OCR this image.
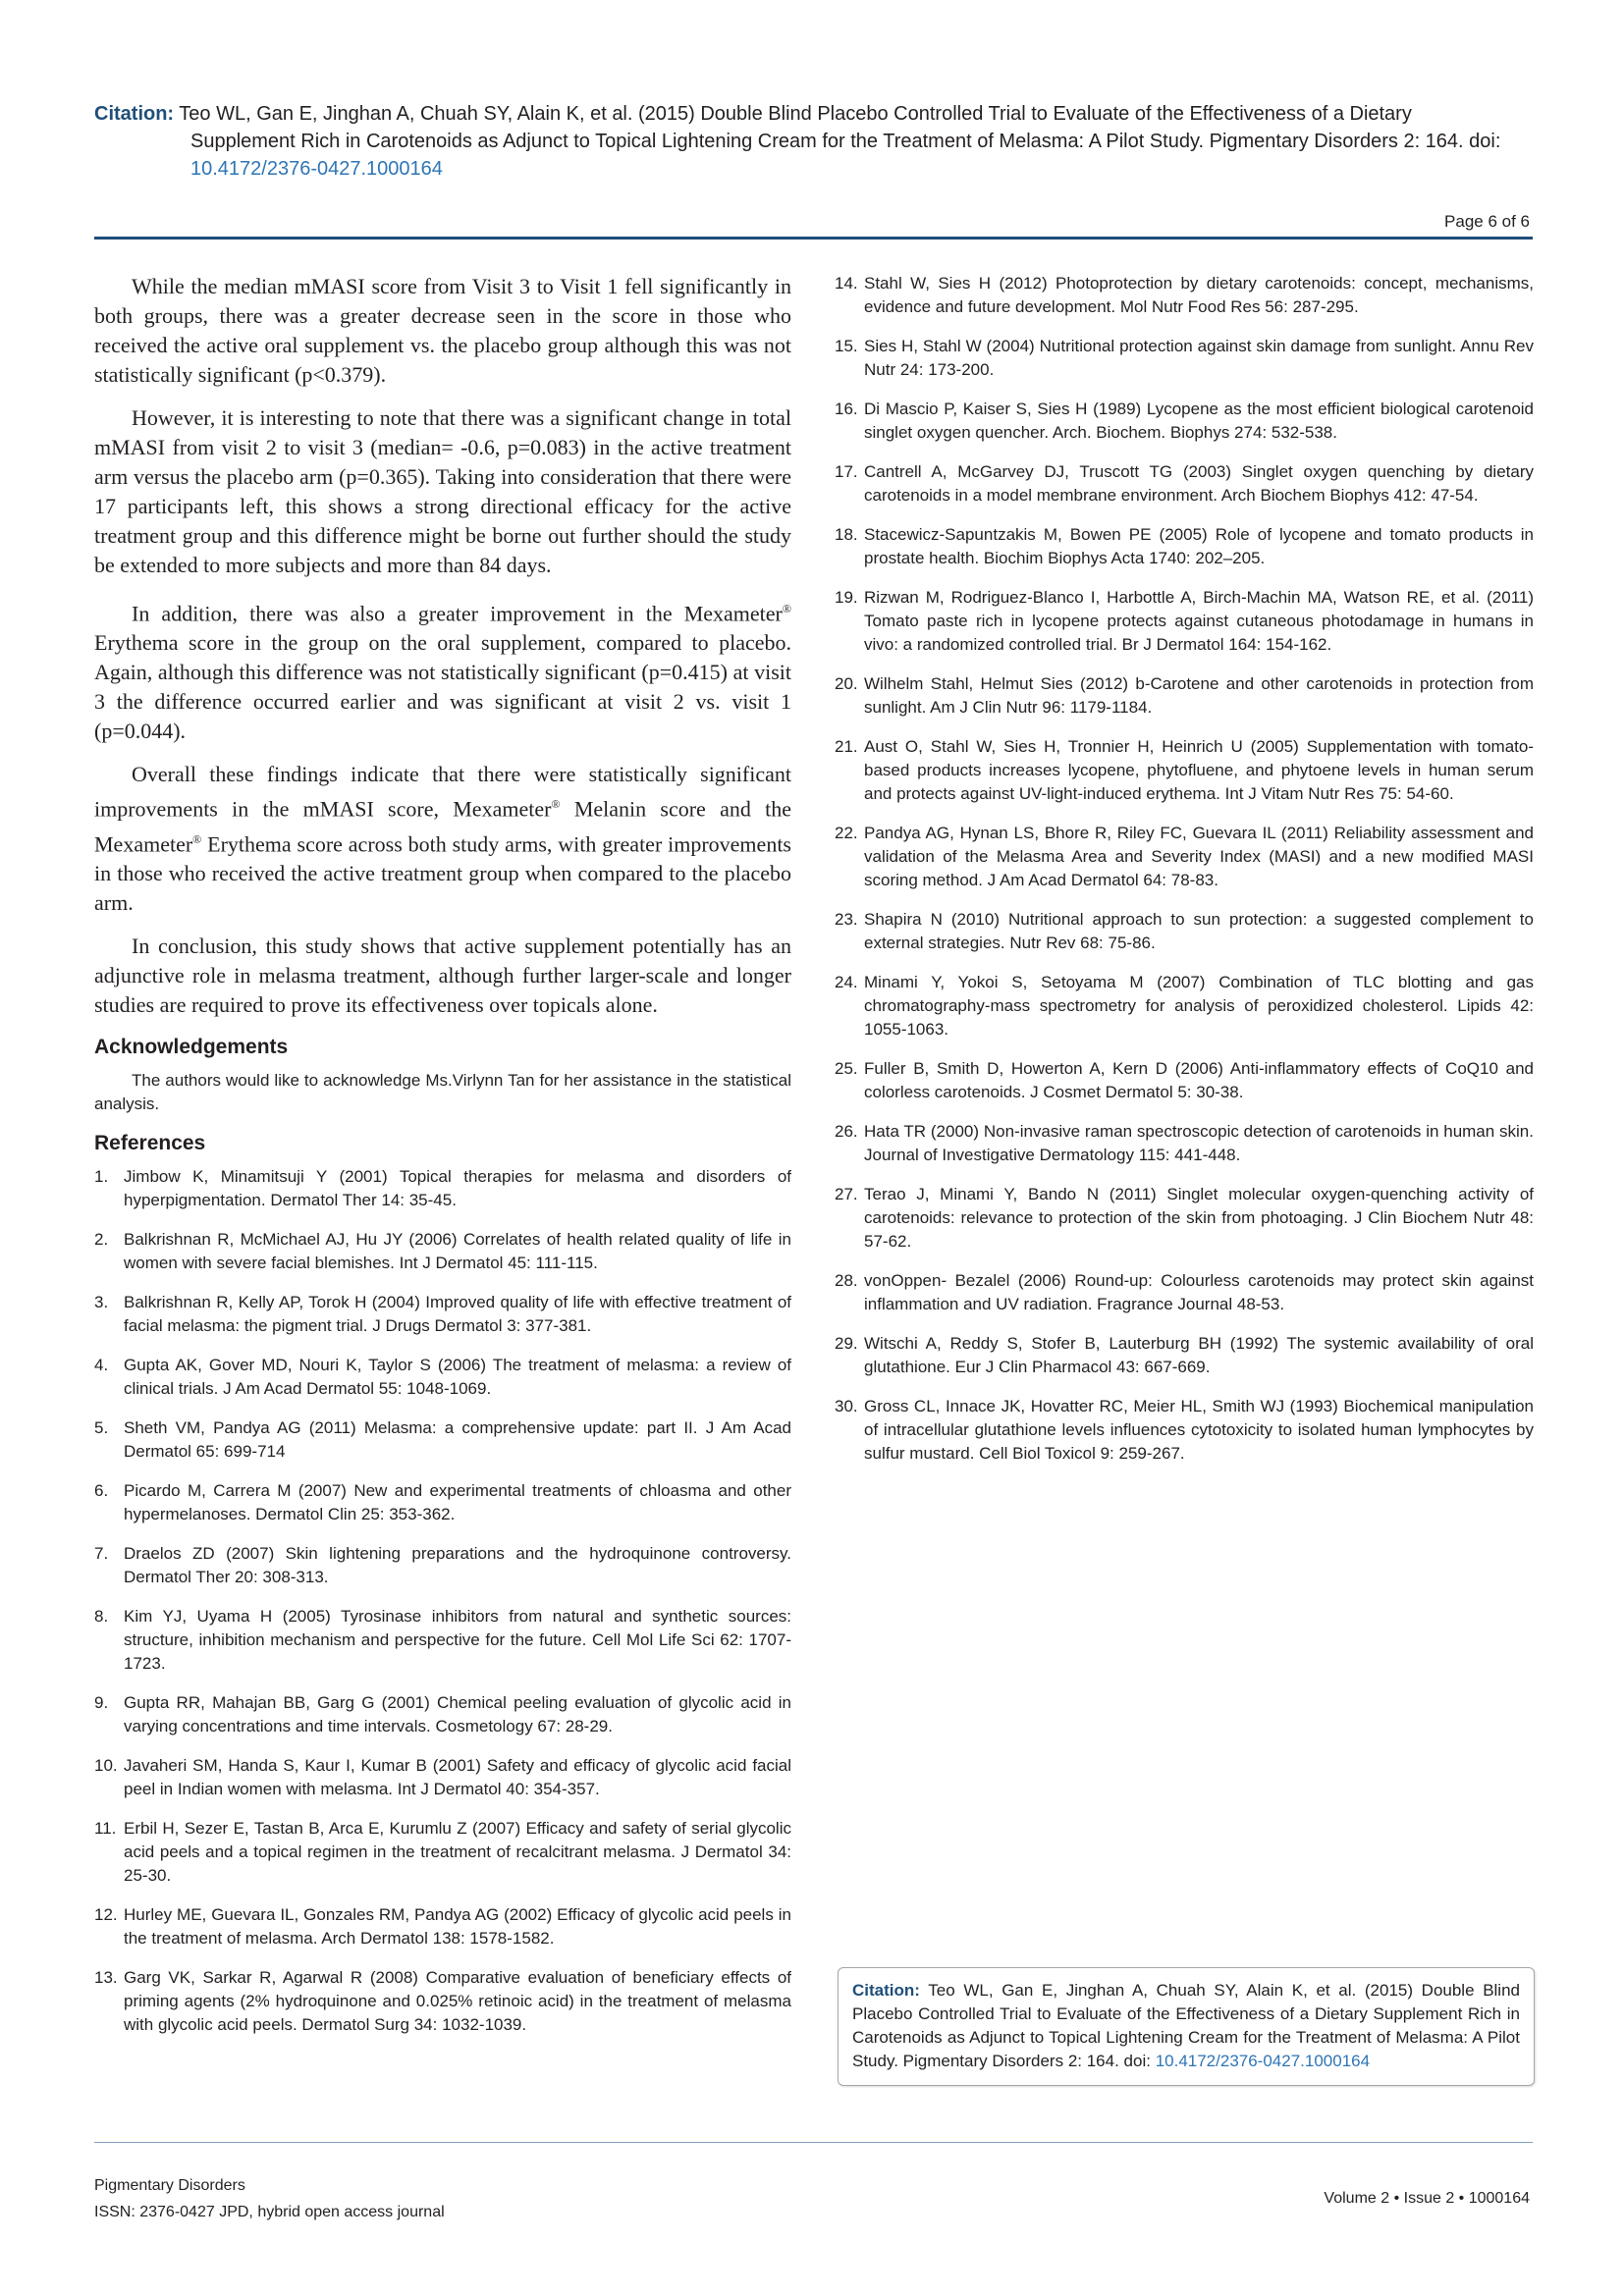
Citation: Teo WL, Gan E, Jinghan A, Chuah SY, Alain K, et al. (2015) Double Blind Placebo Controlled Trial to Evaluate of the Effectiveness of a Dietary
Supplement Rich in Carotenoids as Adjunct to Topical Lightening Cream for the Treatment of Melasma: A Pilot Study. Pigmentary Disorders 2: 164. doi:
10.4172/2376-0427.1000164
Page 6 of 6

While the median mMASI score from Visit 3 to Visit 1 fell significantly in both groups, there was a greater decrease seen in the score in those who received the active oral supplement vs. the placebo group although this was not statistically significant (p<0.379).

However, it is interesting to note that there was a significant change in total mMASI from visit 2 to visit 3 (median= -0.6, p=0.083) in the active treatment arm versus the placebo arm (p=0.365). Taking into consideration that there were 17 participants left, this shows a strong directional efficacy for the active treatment group and this difference might be borne out further should the study be extended to more subjects and more than 84 days.

In addition, there was also a greater improvement in the Mexameter® Erythema score in the group on the oral supplement, compared to placebo. Again, although this difference was not statistically significant (p=0.415) at visit 3 the difference occurred earlier and was significant at visit 2 vs. visit 1 (p=0.044).

Overall these findings indicate that there were statistically significant improvements in the mMASI score, Mexameter® Melanin score and the Mexameter® Erythema score across both study arms, with greater improvements in those who received the active treatment group when compared to the placebo arm.

In conclusion, this study shows that active supplement potentially has an adjunctive role in melasma treatment, although further larger-scale and longer studies are required to prove its effectiveness over topicals alone.

Acknowledgements

The authors would like to acknowledge Ms.Virlynn Tan for her assistance in the statistical analysis.

References
1. Jimbow K, Minamitsuji Y (2001) Topical therapies for melasma and disorders of hyperpigmentation. Dermatol Ther 14: 35-45.
2. Balkrishnan R, McMichael AJ, Hu JY (2006) Correlates of health related quality of life in women with severe facial blemishes. Int J Dermatol 45: 111-115.
3. Balkrishnan R, Kelly AP, Torok H (2004) Improved quality of life with effective treatment of facial melasma: the pigment trial. J Drugs Dermatol 3: 377-381.
4. Gupta AK, Gover MD, Nouri K, Taylor S (2006) The treatment of melasma: a review of clinical trials. J Am Acad Dermatol 55: 1048-1069.
5. Sheth VM, Pandya AG (2011) Melasma: a comprehensive update: part II. J Am Acad Dermatol 65: 699-714
6. Picardo M, Carrera M (2007) New and experimental treatments of chloasma and other hypermelanoses. Dermatol Clin 25: 353-362.
7. Draelos ZD (2007) Skin lightening preparations and the hydroquinone controversy. Dermatol Ther 20: 308-313.
8. Kim YJ, Uyama H (2005) Tyrosinase inhibitors from natural and synthetic sources: structure, inhibition mechanism and perspective for the future. Cell Mol Life Sci 62: 1707-1723.
9. Gupta RR, Mahajan BB, Garg G (2001) Chemical peeling evaluation of glycolic acid in varying concentrations and time intervals. Cosmetology 67: 28-29.
10. Javaheri SM, Handa S, Kaur I, Kumar B (2001) Safety and efficacy of glycolic acid facial peel in Indian women with melasma. Int J Dermatol 40: 354-357.
11. Erbil H, Sezer E, Tastan B, Arca E, Kurumlu Z (2007) Efficacy and safety of serial glycolic acid peels and a topical regimen in the treatment of recalcitrant melasma. J Dermatol 34: 25-30.
12. Hurley ME, Guevara IL, Gonzales RM, Pandya AG (2002) Efficacy of glycolic acid peels in the treatment of melasma. Arch Dermatol 138: 1578-1582.
13. Garg VK, Sarkar R, Agarwal R (2008) Comparative evaluation of beneficiary effects of priming agents (2% hydroquinone and 0.025% retinoic acid) in the treatment of melasma with glycolic acid peels. Dermatol Surg 34: 1032-1039.
14. Stahl W, Sies H (2012) Photoprotection by dietary carotenoids: concept, mechanisms, evidence and future development. Mol Nutr Food Res 56: 287-295.
15. Sies H, Stahl W (2004) Nutritional protection against skin damage from sunlight. Annu Rev Nutr 24: 173-200.
16. Di Mascio P, Kaiser S, Sies H (1989) Lycopene as the most efficient biological carotenoid singlet oxygen quencher. Arch. Biochem. Biophys 274: 532-538.
17. Cantrell A, McGarvey DJ, Truscott TG (2003) Singlet oxygen quenching by dietary carotenoids in a model membrane environment. Arch Biochem Biophys 412: 47-54.
18. Stacewicz-Sapuntzakis M, Bowen PE (2005) Role of lycopene and tomato products in prostate health. Biochim Biophys Acta 1740: 202–205.
19. Rizwan M, Rodriguez-Blanco I, Harbottle A, Birch-Machin MA, Watson RE, et al. (2011) Tomato paste rich in lycopene protects against cutaneous photodamage in humans in vivo: a randomized controlled trial. Br J Dermatol 164: 154-162.
20. Wilhelm Stahl, Helmut Sies (2012) b-Carotene and other carotenoids in protection from sunlight. Am J Clin Nutr 96: 1179-1184.
21. Aust O, Stahl W, Sies H, Tronnier H, Heinrich U (2005) Supplementation with tomato-based products increases lycopene, phytofluene, and phytoene levels in human serum and protects against UV-light-induced erythema. Int J Vitam Nutr Res 75: 54-60.
22. Pandya AG, Hynan LS, Bhore R, Riley FC, Guevara IL (2011) Reliability assessment and validation of the Melasma Area and Severity Index (MASI) and a new modified MASI scoring method. J Am Acad Dermatol 64: 78-83.
23. Shapira N (2010) Nutritional approach to sun protection: a suggested complement to external strategies. Nutr Rev 68: 75-86.
24. Minami Y, Yokoi S, Setoyama M (2007) Combination of TLC blotting and gas chromatography-mass spectrometry for analysis of peroxidized cholesterol. Lipids 42: 1055-1063.
25. Fuller B, Smith D, Howerton A, Kern D (2006) Anti-inflammatory effects of CoQ10 and colorless carotenoids. J Cosmet Dermatol 5: 30-38.
26. Hata TR (2000) Non-invasive raman spectroscopic detection of carotenoids in human skin. Journal of Investigative Dermatology 115: 441-448.
27. Terao J, Minami Y, Bando N (2011) Singlet molecular oxygen-quenching activity of carotenoids: relevance to protection of the skin from photoaging. J Clin Biochem Nutr 48: 57-62.
28. vonOppen- Bezalel (2006) Round-up: Colourless carotenoids may protect skin against inflammation and UV radiation. Fragrance Journal 48-53.
29. Witschi A, Reddy S, Stofer B, Lauterburg BH (1992) The systemic availability of oral glutathione. Eur J Clin Pharmacol 43: 667-669.
30. Gross CL, Innace JK, Hovatter RC, Meier HL, Smith WJ (1993) Biochemical manipulation of intracellular glutathione levels influences cytotoxicity to isolated human lymphocytes by sulfur mustard. Cell Biol Toxicol 9: 259-267.
Citation: Teo WL, Gan E, Jinghan A, Chuah SY, Alain K, et al. (2015) Double Blind Placebo Controlled Trial to Evaluate of the Effectiveness of a Dietary Supplement Rich in Carotenoids as Adjunct to Topical Lightening Cream for the Treatment of Melasma: A Pilot Study. Pigmentary Disorders 2: 164. doi: 10.4172/2376-0427.1000164
Pigmentary Disorders
ISSN: 2376-0427 JPD, hybrid open access journal
Volume 2 • Issue 2 • 1000164
